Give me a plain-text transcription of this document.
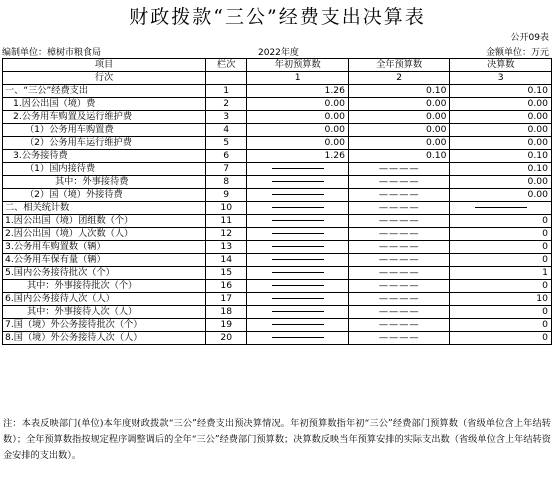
财政拨款“三公”经费支出决算表
公开09表
编制单位：樟树市粮食局	2022年度	金额单位：万元
项目	栏次	年初预算数	全年预算数	决算数
行次		1	2	3
一、“三公”经费支出	1	1.26	0.10	0.10
1.因公出国（境）费	2	0.00	0.00	0.00
2.公务用车购置及运行维护费	3	0.00	0.00	0.00
（1）公务用车购置费	4	0.00	0.00	0.00
（2）公务用车运行维护费	5	0.00	0.00	0.00
3.公务接待费	6	1.26	0.10	0.10
（1）国内接待费	7		————	0.10
其中：外事接待费	8		————	0.00
（2）国（境）外接待费	9		————	0.00
二、相关统计数	10		————	
1.因公出国（境）团组数（个）	11		————	0
2.因公出国（境）人次数（人）	12		————	0
3.公务用车购置数（辆）	13		————	0
4.公务用车保有量（辆）	14		————	0
5.国内公务接待批次（个）	15		————	1
其中：外事接待批次（个）	16		————	0
6.国内公务接待人次（人）	17		————	10
其中：外事接待人次（人）	18		————	0
7.国（境）外公务接待批次（个）	19		————	0
8.国（境）外公务接待人次（人）	20		————	0
注：本表反映部门(单位)本年度财政拨款“三公”经费支出预决算情况。年初预算数指年初“三公”经费部门预算数（省级单位含上年结转数）；全年预算数指按规定程序调整调后的全年“三公”经费部门预算数；决算数反映当年预算安排的实际支出数（省级单位含上年结转资金安排的支出数）。
